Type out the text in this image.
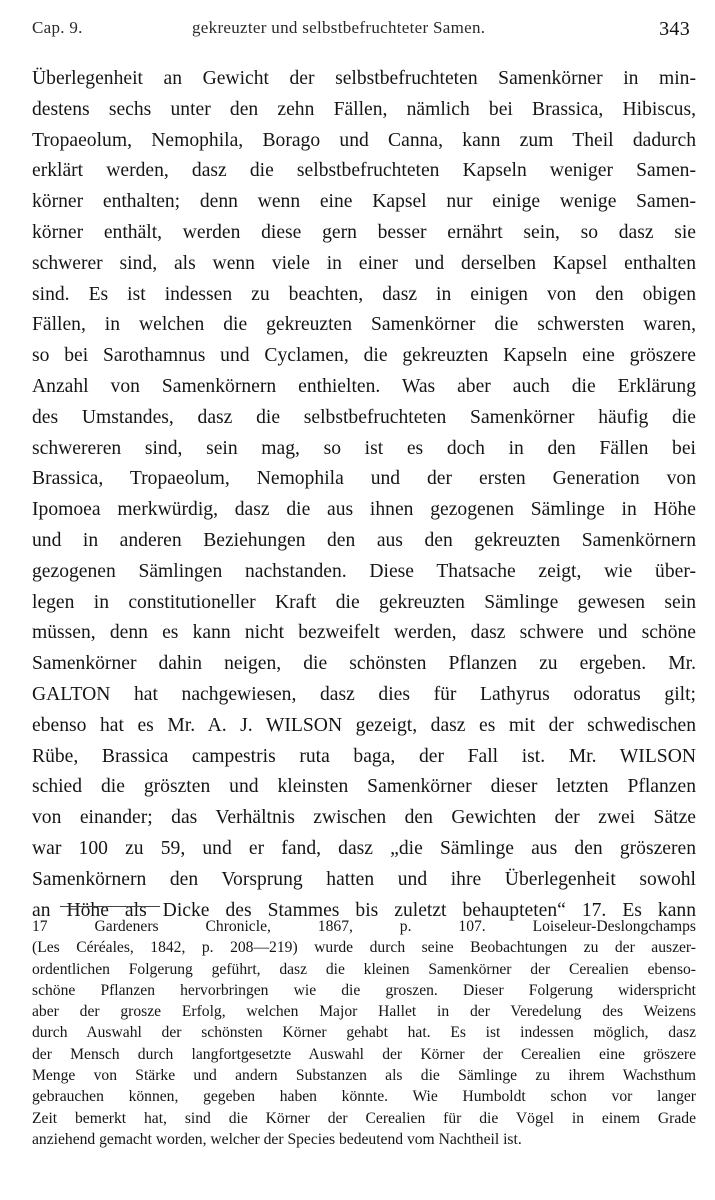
Cap. 9.	gekreuzter und selbstbefruchteter Samen.	343
Überlegenheit an Gewicht der selbstbefruchteten Samenkörner in min-
destens sechs unter den zehn Fällen, nämlich bei Brassica, Hibiscus,
Tropaeolum, Nemophila, Borago und Canna, kann zum Theil dadurch
erklärt werden, dasz die selbstbefruchteten Kapseln weniger Samen-
körner enthalten; denn wenn eine Kapsel nur einige wenige Samen-
körner enthält, werden diese gern besser ernährt sein, so dasz sie
schwerer sind, als wenn viele in einer und derselben Kapsel enthalten
sind. Es ist indessen zu beachten, dasz in einigen von den obigen
Fällen, in welchen die gekreuzten Samenkörner die schwersten waren,
so bei Sarothamnus und Cyclamen, die gekreuzten Kapseln eine gröszere
Anzahl von Samenkörnern enthielten. Was aber auch die Erklärung
des Umstandes, dasz die selbstbefruchteten Samenkörner häufig die
schwereren sind, sein mag, so ist es doch in den Fällen bei
Brassica, Tropaeolum, Nemophila und der ersten Generation von
Ipomoea merkwürdig, dasz die aus ihnen gezogenen Sämlinge in Höhe
und in anderen Beziehungen den aus den gekreuzten Samenkörnern
gezogenen Sämlingen nachstanden. Diese Thatsache zeigt, wie über-
legen in constitutioneller Kraft die gekreuzten Sämlinge gewesen sein
müssen, denn es kann nicht bezweifelt werden, dasz schwere und schöne
Samenkörner dahin neigen, die schönsten Pflanzen zu ergeben. Mr.
GALTON hat nachgewiesen, dasz dies für Lathyrus odoratus gilt;
ebenso hat es Mr. A. J. WILSON gezeigt, dasz es mit der schwedischen
Rübe, Brassica campestris ruta baga, der Fall ist. Mr. WILSON
schied die gröszten und kleinsten Samenkörner dieser letzten Pflanzen
von einander; das Verhältnis zwischen den Gewichten der zwei Sätze
war 100 zu 59, und er fand, dasz „die Sämlinge aus den gröszeren
Samenkörnern den Vorsprung hatten und ihre Überlegenheit sowohl
an Höhe als Dicke des Stammes bis zuletzt behaupteten“ 17. Es kann
17 Gardeners Chronicle, 1867, p. 107. Loiseleur-Deslongchamps
(Les Céréales, 1842, p. 208—219) wurde durch seine Beobachtungen zu der auszer-
ordentlichen Folgerung geführt, dasz die kleinen Samenkörner der Cerealien ebenso-
schöne Pflanzen hervorbringen wie die groszen. Dieser Folgerung widerspricht
aber der grosze Erfolg, welchen Major Hallet in der Veredelung des Weizens
durch Auswahl der schönsten Körner gehabt hat. Es ist indessen möglich, dasz
der Mensch durch langfortgesetzte Auswahl der Körner der Cerealien eine gröszere
Menge von Stärke und andern Substanzen als die Sämlinge zu ihrem Wachsthum
gebrauchen können, gegeben haben könnte. Wie Humboldt schon vor langer
Zeit bemerkt hat, sind die Körner der Cerealien für die Vögel in einem Grade
anziehend gemacht worden, welcher der Species bedeutend vom Nachtheil ist.
